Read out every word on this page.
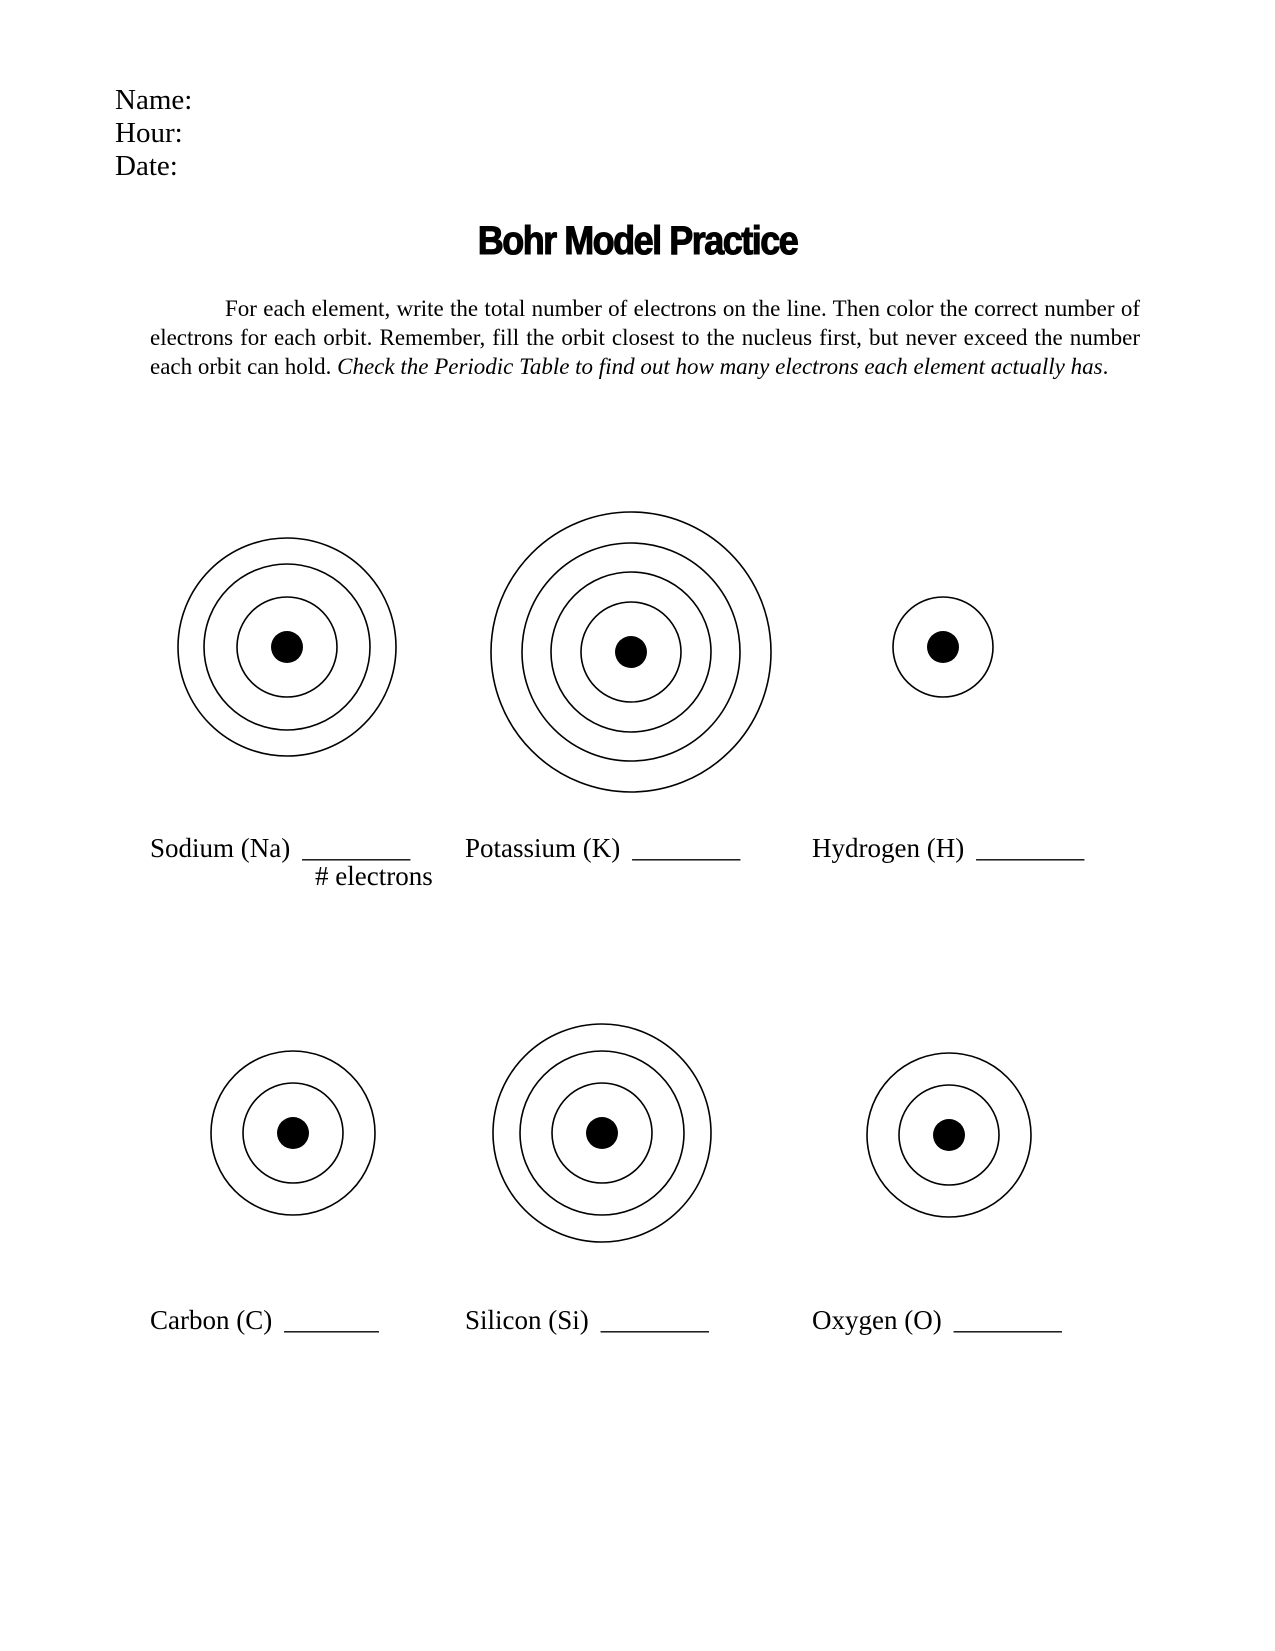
Name:
Hour:
Date:
Bohr Model Practice
For each element, write the total number of electrons on the line. Then color the correct number of electrons for each orbit. Remember, fill the orbit closest to the nucleus first, but never exceed the number each orbit can hold. Check the Periodic Table to find out how many electrons each element actually has.
Sodium (Na) ________
# electrons
Potassium (K) ________	Hydrogen (H) ________
Carbon (C) _______	Silicon (Si) ________	Oxygen (O) ________
